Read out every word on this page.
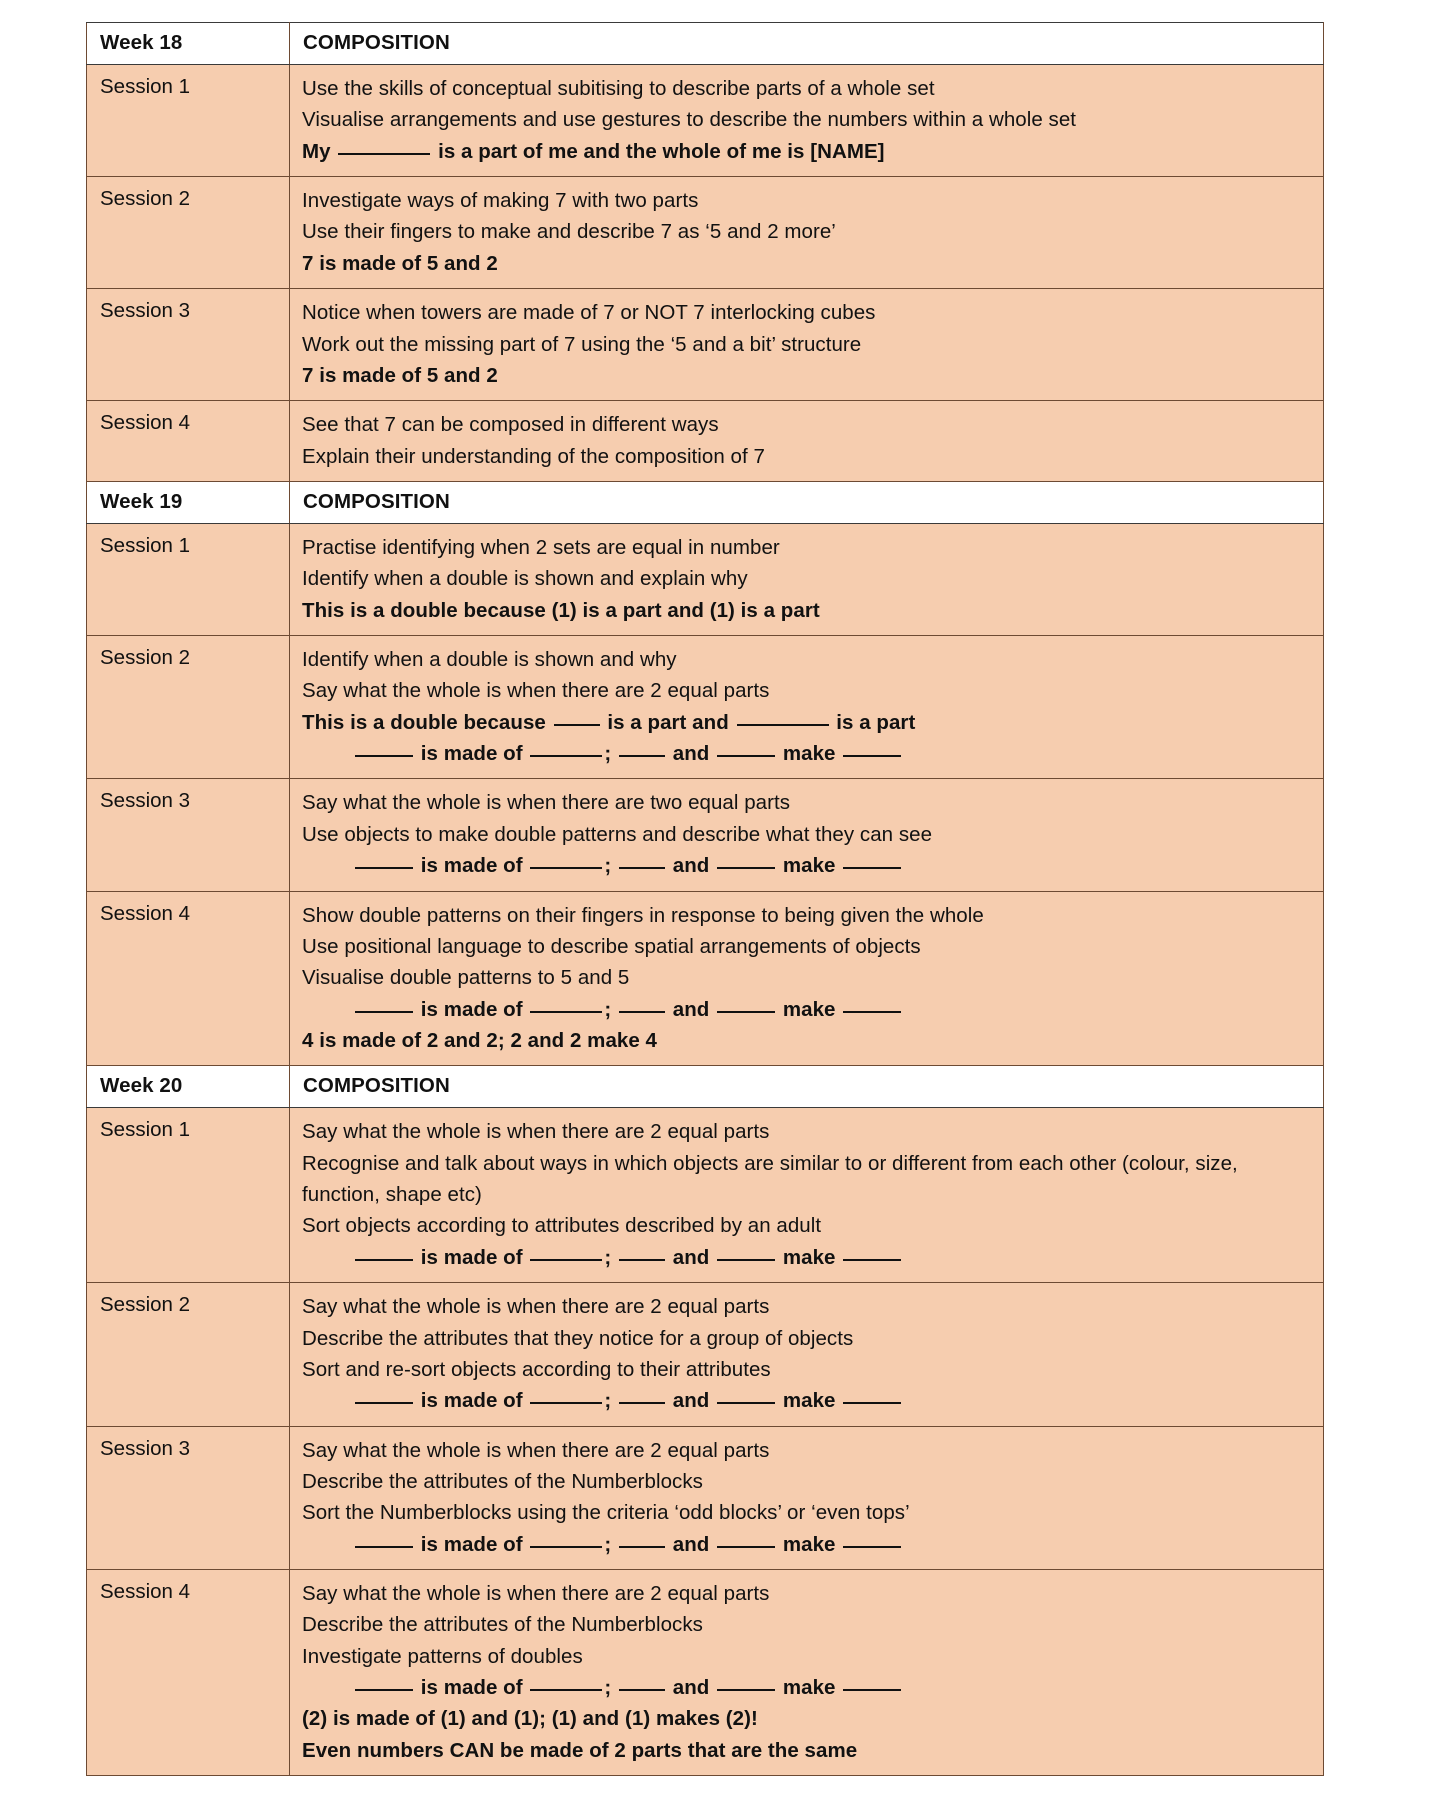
Week 18	COMPOSITION

Session 1	Use the skills of conceptual subitising to describe parts of a whole set
Visualise arrangements and use gestures to describe the numbers within a whole set
My is a part of me and the whole of me is [NAME]

Session 2	Investigate ways of making 7 with two parts
Use their fingers to make and describe 7 as ‘5 and 2 more’
7 is made of 5 and 2

Session 3	Notice when towers are made of 7 or NOT 7 interlocking cubes
Work out the missing part of 7 using the ‘5 and a bit’ structure
7 is made of 5 and 2

Session 4	See that 7 can be composed in different ways
Explain their understanding of the composition of 7

Week 19	COMPOSITION

Session 1	Practise identifying when 2 sets are equal in number
Identify when a double is shown and explain why
This is a double because (1) is a part and (1) is a part

Session 2	Identify when a double is shown and why
Say what the whole is when there are 2 equal parts
This is a double because  is a part and is a part
is made of ;  and make

Session 3	Say what the whole is when there are two equal parts
Use objects to make double patterns and describe what they can see
is made of ;  and make

Session 4	Show double patterns on their fingers in response to being given the whole
Use positional language to describe spatial arrangements of objects
Visualise double patterns to 5 and 5
is made of ;  and make
4 is made of 2 and 2; 2 and 2 make 4

Week 20	COMPOSITION

Session 1	Say what the whole is when there are 2 equal parts
Recognise and talk about ways in which objects are similar to or different from each other (colour, size, function, shape etc)
Sort objects according to attributes described by an adult
is made of ;  and make

Session 2	Say what the whole is when there are 2 equal parts
Describe the attributes that they notice for a group of objects
Sort and re-sort objects according to their attributes
is made of ;  and make

Session 3	Say what the whole is when there are 2 equal parts
Describe the attributes of the Numberblocks
Sort the Numberblocks using the criteria ‘odd blocks’ or ‘even tops’
is made of ;  and make

Session 4	Say what the whole is when there are 2 equal parts
Describe the attributes of the Numberblocks
Investigate patterns of doubles
is made of	;  and	make
(2) is made of (1) and (1); (1) and (1) makes (2)!
Even numbers CAN be made of 2 parts that are the same
